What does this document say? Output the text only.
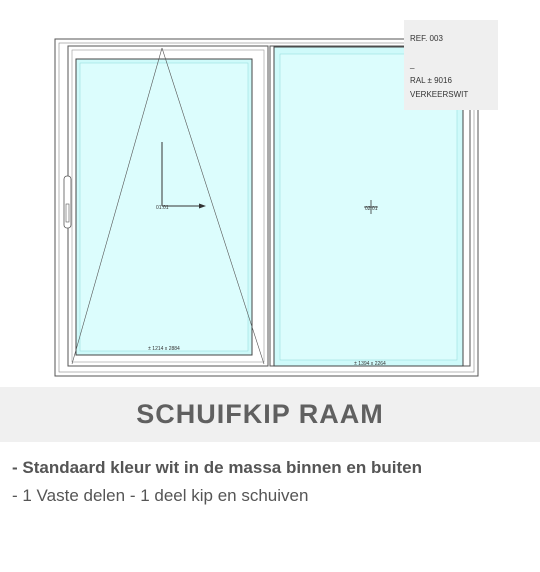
01.01
± 1214 x 2884
02.01
± 1394 x 2264
REF. 003
_
RAL ± 9016
VERKEERSWIT
SCHUIFKIP RAAM
- Standaard kleur wit in de massa binnen en buiten
- 1 Vaste delen - 1 deel kip en schuiven
